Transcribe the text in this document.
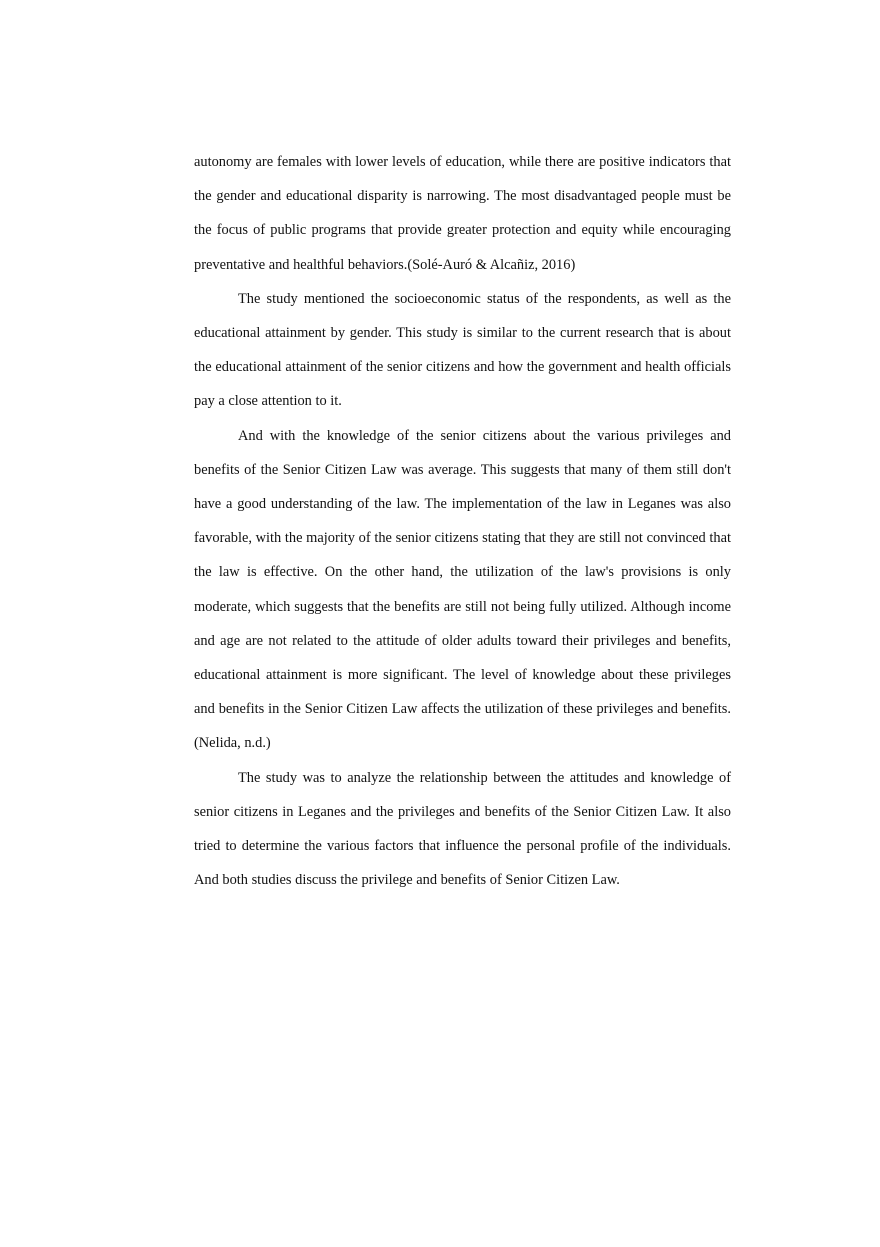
autonomy are females with lower levels of education, while there are positive indicators that the gender and educational disparity is narrowing. The most disadvantaged people must be the focus of public programs that provide greater protection and equity while encouraging preventative and healthful behaviors.(Solé-Auró & Alcañiz, 2016)

The study mentioned the socioeconomic status of the respondents, as well as the educational attainment by gender. This study is similar to the current research that is about the educational attainment of the senior citizens and how the government and health officials pay a close attention to it.

And with the knowledge of the senior citizens about the various privileges and benefits of the Senior Citizen Law was average. This suggests that many of them still don't have a good understanding of the law. The implementation of the law in Leganes was also favorable, with the majority of the senior citizens stating that they are still not convinced that the law is effective. On the other hand, the utilization of the law's provisions is only moderate, which suggests that the benefits are still not being fully utilized. Although income and age are not related to the attitude of older adults toward their privileges and benefits, educational attainment is more significant. The level of knowledge about these privileges and benefits in the Senior Citizen Law affects the utilization of these privileges and benefits.(Nelida, n.d.)

The study was to analyze the relationship between the attitudes and knowledge of senior citizens in Leganes and the privileges and benefits of the Senior Citizen Law. It also tried to determine the various factors that influence the personal profile of the individuals. And both studies discuss the privilege and benefits of Senior Citizen Law.
